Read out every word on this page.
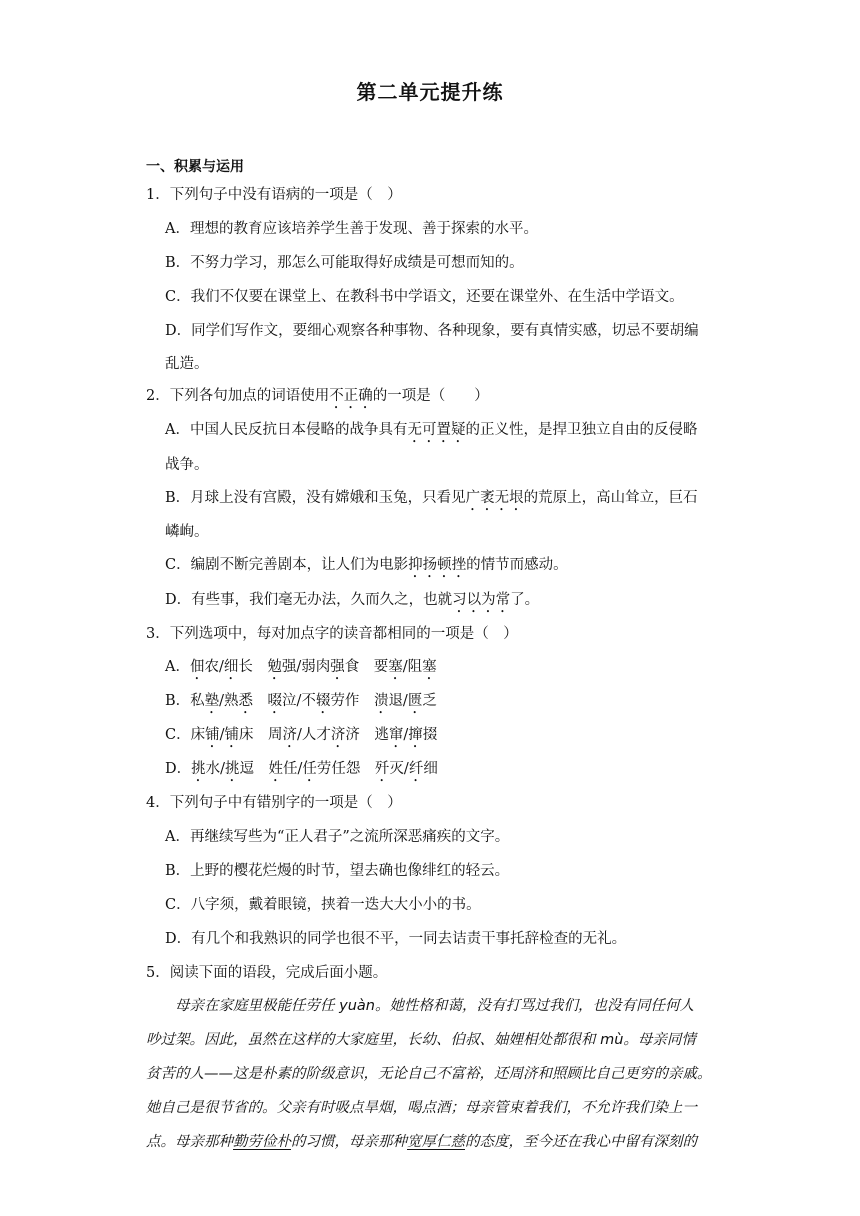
第二单元提升练
一、积累与运用
1．下列句子中没有语病的一项是（　）
A．理想的教育应该培养学生善于发现、善于探索的水平。
B．不努力学习，那怎么可能取得好成绩是可想而知的。
C．我们不仅要在课堂上、在教科书中学语文，还要在课堂外、在生活中学语文。
D．同学们写作文，要细心观察各种事物、各种现象，要有真情实感，切忌不要胡编
乱造。
2．下列各句加点的词语使用不正确的一项是（　　）
A．中国人民反抗日本侵略的战争具有无可置疑的正义性，是捍卫独立自由的反侵略
战争。
B．月球上没有宫殿，没有嫦娥和玉兔，只看见广袤无垠的荒原上，高山耸立，巨石
嶙峋。
C．编剧不断完善剧本，让人们为电影抑扬顿挫的情节而感动。
D．有些事，我们毫无办法，久而久之，也就习以为常了。
3．下列选项中，每对加点字的读音都相同的一项是（　）
A．佃农/细长　勉强/弱肉强食　要塞/阻塞
B．私塾/熟悉　 啜泣/不辍劳作　溃退/匮乏
C．床铺/铺床　周济/人才济济　逃窜/撺掇
D．挑水/挑逗　姓任/任劳任怨　歼灭/纤细
4．下列句子中有错别字的一项是（　）
A．再继续写些为“正人君子”之流所深恶痛疾的文字。
B．上野的樱花烂熳的时节，望去确也像绯红的轻云。
C．八字须，戴着眼镜，挟着一迭大大小小的书。
D．有几个和我熟识的同学也很不平，一同去诘责干事托辞检查的无礼。
5．阅读下面的语段，完成后面小题。
　　母亲在家庭里极能任劳任 yuàn。她性格和蔼，没有打骂过我们，也没有同任何人
吵过架。因此，虽然在这样的大家庭里，长幼、伯叔、妯娌相处都很和 mù。母亲同情
贫苦的人——这是朴素的阶级意识，无论自己不富裕，还周济和照顾比自己更穷的亲戚。
她自己是很节省的。父亲有时吸点旱烟，喝点酒；母亲管束着我们，不允许我们染上一
点。母亲那种勤劳俭朴的习惯，母亲那种宽厚仁慈的态度，至今还在我心中留有深刻的
